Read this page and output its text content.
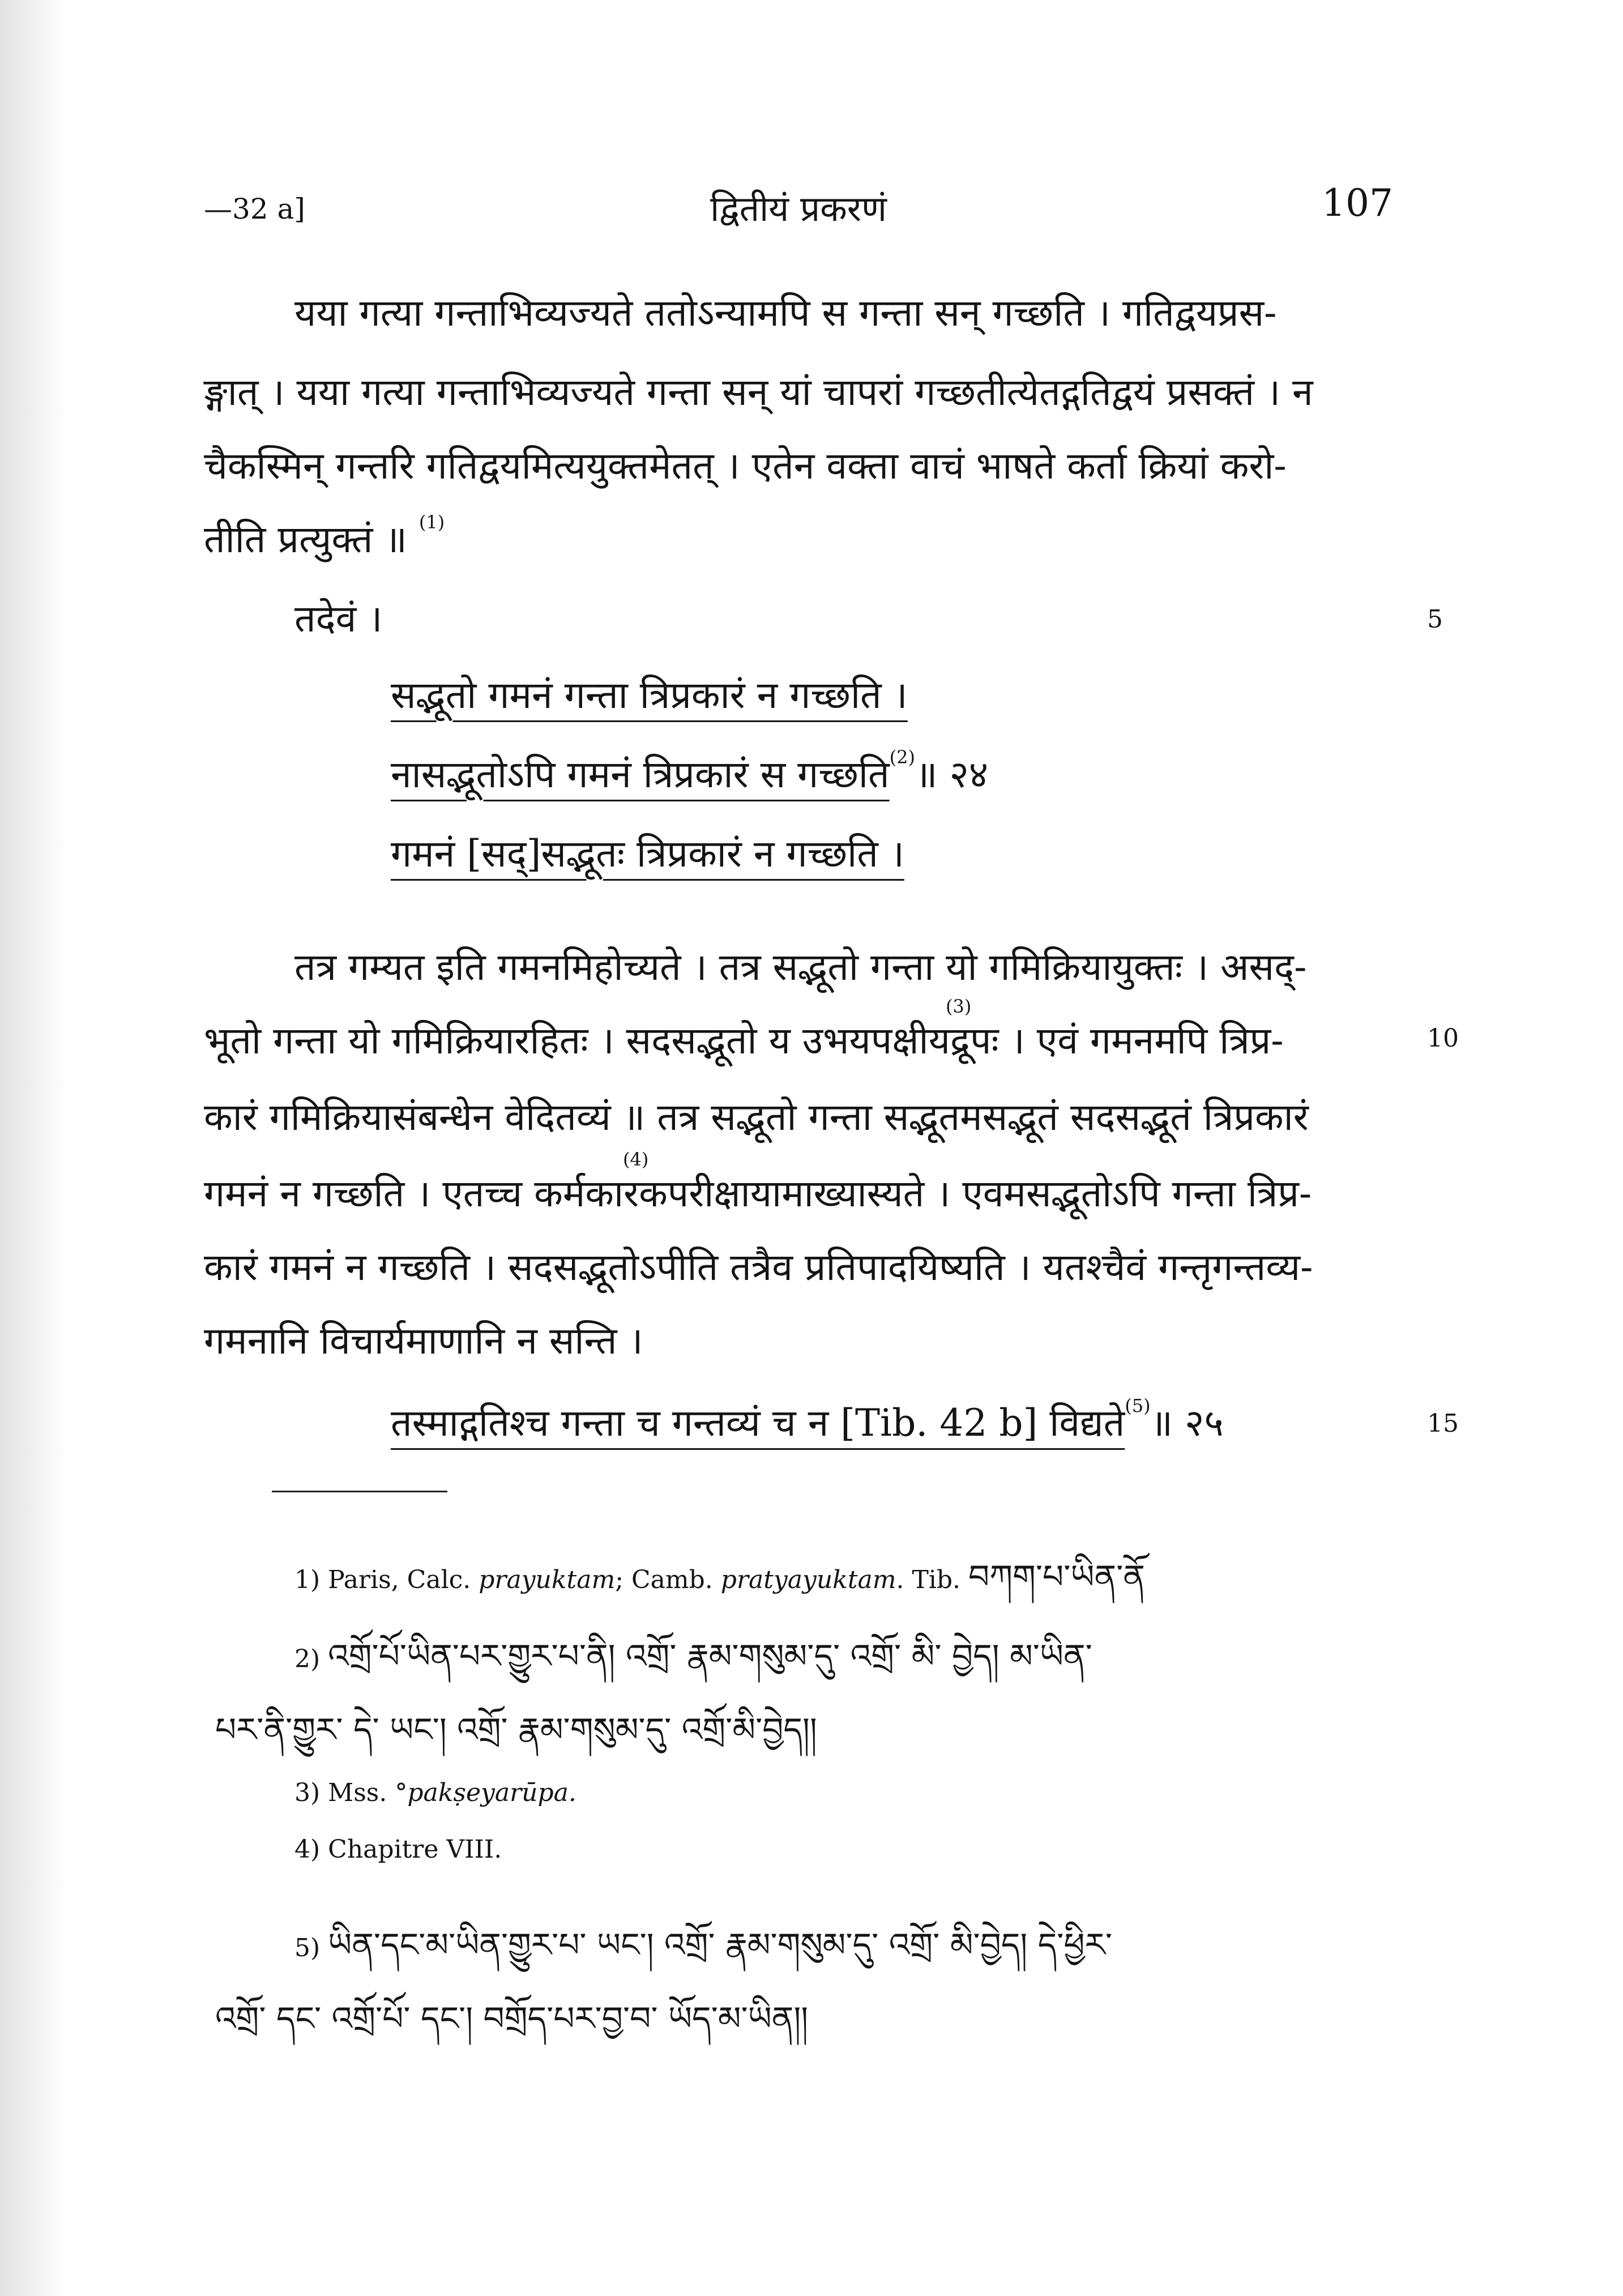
—32 a]	द्वितीयं प्रकरणं	107
यया गत्या गन्ताभिव्यज्यते ततोऽन्यामपि स गन्ता सन् गच्छति । गतिद्वयप्रस-
ङ्गात् । यया गत्या गन्ताभिव्यज्यते गन्ता सन् यां चापरां गच्छतीत्येतद्गतिद्वयं प्रसक्तं । न
चैकस्मिन् गन्तरि गतिद्वयमित्ययुक्तमेतत् । एतेन वक्ता वाचं भाषते कर्ता क्रियां करो-
तीति प्रत्युक्तं ॥ $^{(1)}$
तदेवं ।	5
सद्भूतो गमनं गन्ता त्रिप्रकारं न गच्छति ।
नासद्भूतोऽपि गमनं त्रिप्रकारं स गच्छति$^{(2)}$॥ २४
गमनं [सद्]सद्भूतः त्रिप्रकारं न गच्छति ।
तत्र गम्यत इति गमनमिहोच्यते । तत्र सद्भूतो गन्ता यो गमिक्रियायुक्तः । असद्-
भूतो गन्ता यो गमिक्रियारहितः । सदसद्भूतो य उभयपक्षीयद्रूपः । एवं गमनमपि त्रिप्र-
(3)
10
कारं गमिक्रियासंबन्धेन वेदितव्यं ॥ तत्र सद्भूतो गन्ता सद्भूतमसद्भूतं सदसद्भूतं त्रिप्रकारं
गमनं न गच्छति । एतच्च कर्मकारकपरीक्षायामाख्यास्यते । एवमसद्भूतोऽपि गन्ता त्रिप्र-
(4)
कारं गमनं न गच्छति । सदसद्भूतोऽपीति तत्रैव प्रतिपादयिष्यति । यतश्चैवं गन्तृगन्तव्य-
गमनानि विचार्यमाणानि न सन्ति ।
तस्माद्गतिश्च गन्ता च गन्तव्यं च न [Tib. 42 b] विद्यते$^{(5)}$॥ २५	15
1) Paris, Calc. prayuktam; Camb. pratyayuktam. Tib. བཀག་པ་ཡིན་ནོ
2) འགྲོ་པོ་ཡིན་པར་གྱུར་པ་ནི། འགྲོ་ རྣམ་གསུམ་དུ་ འགྲོ་ མི་ བྱེད། མ་ཡིན་
པར་ནི་གྱུར་ དེ་ ཡང་། འགྲོ་ རྣམ་གསུམ་དུ་ འགྲོ་མི་བྱེད།།
3) Mss. °pakṣeyarūpa.
4) Chapitre VIII.
5) ཡིན་དང་མ་ཡིན་གྱུར་པ་ ཡང་། འགྲོ་ རྣམ་གསུམ་དུ་ འགྲོ་ མི་བྱེད། དེ་ཕྱིར་
འགྲོ་ དང་ འགྲོ་པོ་ དང་། བགྲོད་པར་བྱ་བ་ ཡོད་མ་ཡིན།།
